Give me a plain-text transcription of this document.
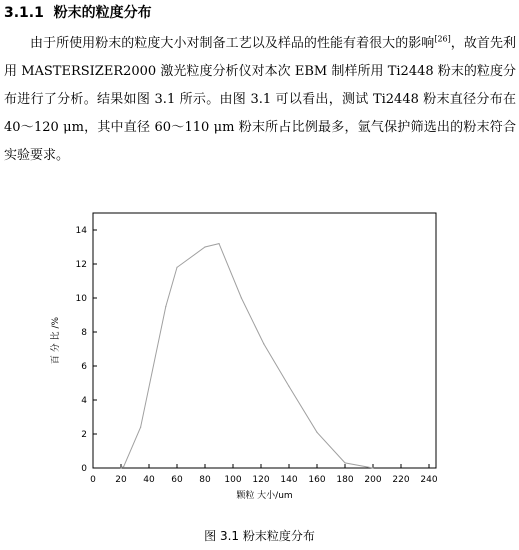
3.1.1 粉末的粒度分布

由于所使用粉末的粒度大小对制备工艺以及样品的性能有着很大的影响[26]，故首先利用 MASTERSIZER2000 激光粒度分析仪对本次 EBM 制样所用 Ti2448 粉末的粒度分布进行了分析。结果如图 3.1 所示。由图 3.1 可以看出，测试 Ti2448 粉末直径分布在 40～120 μm，其中直径 60～110 μm 粉末所占比例最多，氩气保护筛选出的粉末符合实验要求。

0 20 40 60 80 100 120 140 160 180 200 220 240
0
2
4
6
8
10
12
14
颗粒 大小/um
百 分 比 /%
图 3.1 粉末粒度分布
